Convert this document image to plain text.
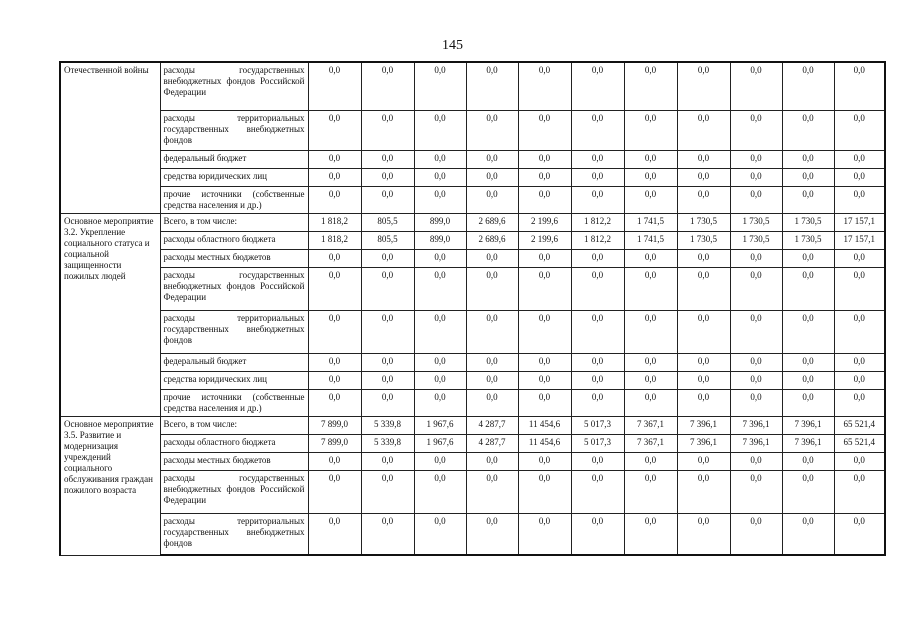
145
Отечественной войны	расходы государственных внебюджетных фондов Российской Федерации	0,0	0,0	0,0	0,0	0,0	0,0	0,0	0,0	0,0	0,0	0,0
	расходы территориальных государственных внебюджетных фондов	0,0	0,0	0,0	0,0	0,0	0,0	0,0	0,0	0,0	0,0	0,0
	федеральный бюджет	0,0	0,0	0,0	0,0	0,0	0,0	0,0	0,0	0,0	0,0	0,0
	средства юридических лиц	0,0	0,0	0,0	0,0	0,0	0,0	0,0	0,0	0,0	0,0	0,0
	прочие источники (собственные средства населения и др.)	0,0	0,0	0,0	0,0	0,0	0,0	0,0	0,0	0,0	0,0	0,0
Основное мероприятие 3.2. Укрепление социального статуса и социальной защищенности пожилых людей	Всего, в том числе:	1 818,2	805,5	899,0	2 689,6	2 199,6	1 812,2	1 741,5	1 730,5	1 730,5	1 730,5	17 157,1
	расходы областного бюджета	1 818,2	805,5	899,0	2 689,6	2 199,6	1 812,2	1 741,5	1 730,5	1 730,5	1 730,5	17 157,1
	расходы местных бюджетов	0,0	0,0	0,0	0,0	0,0	0,0	0,0	0,0	0,0	0,0	0,0
	расходы государственных внебюджетных фондов Российской Федерации	0,0	0,0	0,0	0,0	0,0	0,0	0,0	0,0	0,0	0,0	0,0
	расходы территориальных государственных внебюджетных фондов	0,0	0,0	0,0	0,0	0,0	0,0	0,0	0,0	0,0	0,0	0,0
	федеральный бюджет	0,0	0,0	0,0	0,0	0,0	0,0	0,0	0,0	0,0	0,0	0,0
	средства юридических лиц	0,0	0,0	0,0	0,0	0,0	0,0	0,0	0,0	0,0	0,0	0,0
	прочие источники (собственные средства населения и др.)	0,0	0,0	0,0	0,0	0,0	0,0	0,0	0,0	0,0	0,0	0,0
Основное мероприятие 3.5. Развитие и модернизация учреждений социального обслуживания граждан пожилого возраста	Всего, в том числе:	7 899,0	5 339,8	1 967,6	4 287,7	11 454,6	5 017,3	7 367,1	7 396,1	7 396,1	7 396,1	65 521,4
	расходы областного бюджета	7 899,0	5 339,8	1 967,6	4 287,7	11 454,6	5 017,3	7 367,1	7 396,1	7 396,1	7 396,1	65 521,4
	расходы местных бюджетов	0,0	0,0	0,0	0,0	0,0	0,0	0,0	0,0	0,0	0,0	0,0
	расходы государственных внебюджетных фондов Российской Федерации	0,0	0,0	0,0	0,0	0,0	0,0	0,0	0,0	0,0	0,0	0,0
	расходы территориальных государственных внебюджетных фондов	0,0	0,0	0,0	0,0	0,0	0,0	0,0	0,0	0,0	0,0	0,0
